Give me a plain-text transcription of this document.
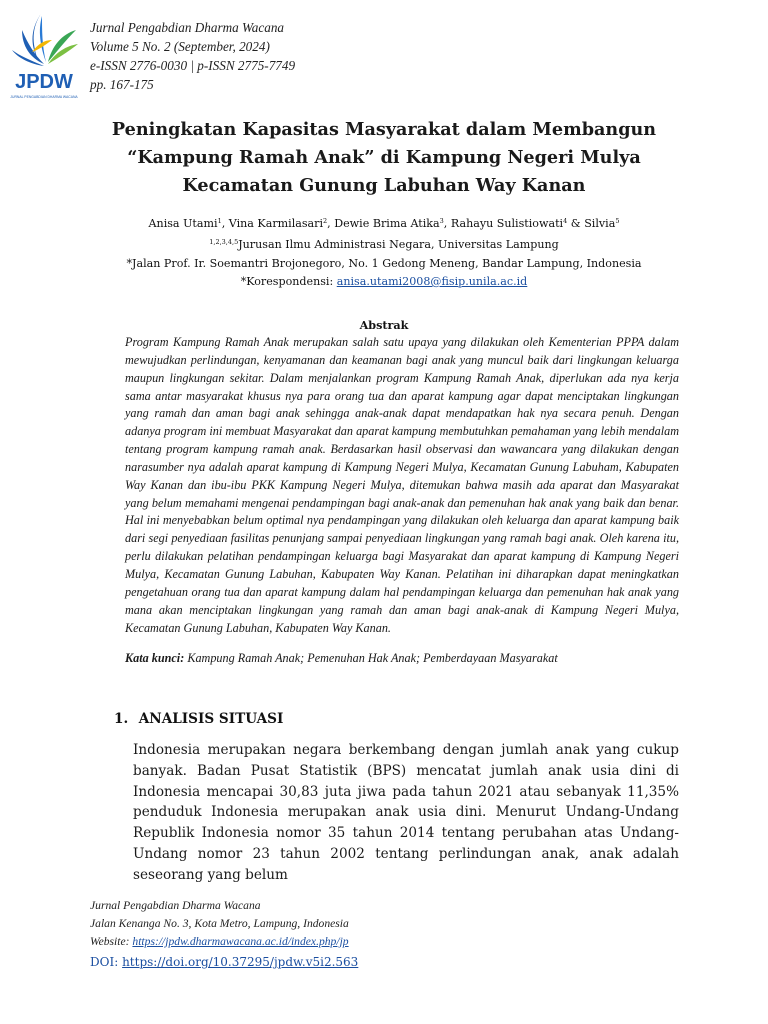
JPDW
JURNAL PENGABDIAN DHARMA WACANA
Jurnal Pengabdian Dharma Wacana
Volume 5 No. 2 (September, 2024)
e-ISSN 2776-0030 | p-ISSN 2775-7749
pp. 167-175
Peningkatan Kapasitas Masyarakat dalam Membangun
“Kampung Ramah Anak” di Kampung Negeri Mulya
Kecamatan Gunung Labuhan Way Kanan
Anisa Utami$^1$, Vina Karmilasari$^2$, Dewie Brima Atika$^3$, Rahayu Sulistiowati$^4$ & Silvia$^5$
$^{1,2,3,4,5}$Jurusan Ilmu Administrasi Negara, Universitas Lampung
*Jalan Prof. Ir. Soemantri Brojonegoro, No. 1 Gedong Meneng, Bandar Lampung, Indonesia
*Korespondensi: anisa.utami2008@fisip.unila.ac.id
Abstrak
Program Kampung Ramah Anak merupakan salah satu upaya yang dilakukan oleh Kementerian PPPA dalam mewujudkan perlindungan, kenyamanan dan keamanan bagi anak yang muncul baik dari lingkungan keluarga maupun lingkungan sekitar. Dalam menjalankan program Kampung Ramah Anak, diperlukan ada nya kerja sama antar masyarakat khusus nya para orang tua dan aparat kampung agar dapat menciptakan lingkungan yang ramah dan aman bagi anak sehingga anak-anak dapat mendapatkan hak nya secara penuh. Dengan adanya program ini membuat Masyarakat dan aparat kampung membutuhkan pemahaman yang lebih mendalam tentang program kampung ramah anak. Berdasarkan hasil observasi dan wawancara yang dilakukan dengan narasumber nya adalah aparat kampung di Kampung Negeri Mulya, Kecamatan Gunung Labuham, Kabupaten Way Kanan dan ibu-ibu PKK Kampung Negeri Mulya, ditemukan bahwa masih ada aparat dan Masyarakat yang belum memahami mengenai pendampingan bagi anak-anak dan pemenuhan hak anak yang baik dan benar. Hal ini menyebabkan belum optimal nya pendampingan yang dilakukan oleh keluarga dan aparat kampung baik dari segi penyediaan fasilitas penunjang sampai penyediaan lingkungan yang ramah bagi anak. Oleh karena itu, perlu dilakukan pelatihan pendampingan keluarga bagi Masyarakat dan aparat kampung di Kampung Negeri Mulya, Kecamatan Gunung Labuhan, Kabupaten Way Kanan. Pelatihan ini diharapkan dapat meningkatkan pengetahuan orang tua dan aparat kampung dalam hal pendampingan keluarga dan pemenuhan hak anak yang mana akan menciptakan lingkungan yang ramah dan aman bagi anak-anak di Kampung Negeri Mulya, Kecamatan Gunung Labuhan, Kabupaten Way Kanan.
Kata kunci: Kampung Ramah Anak; Pemenuhan Hak Anak; Pemberdayaan Masyarakat
1. ANALISIS SITUASI
Indonesia merupakan negara berkembang dengan jumlah anak yang cukup banyak. Badan Pusat Statistik (BPS) mencatat jumlah anak usia dini di Indonesia mencapai 30,83 juta jiwa pada tahun 2021 atau sebanyak 11,35% penduduk Indonesia merupakan anak usia dini. Menurut Undang-Undang Republik Indonesia nomor 35 tahun 2014 tentang perubahan atas Undang-Undang nomor 23 tahun 2002 tentang perlindungan anak, anak adalah seseorang yang belum
Jurnal Pengabdian Dharma Wacana
Jalan Kenanga No. 3, Kota Metro, Lampung, Indonesia
Website: https://jpdw.dharmawacana.ac.id/index.php/jp
DOI: https://doi.org/10.37295/jpdw.v5i2.563
